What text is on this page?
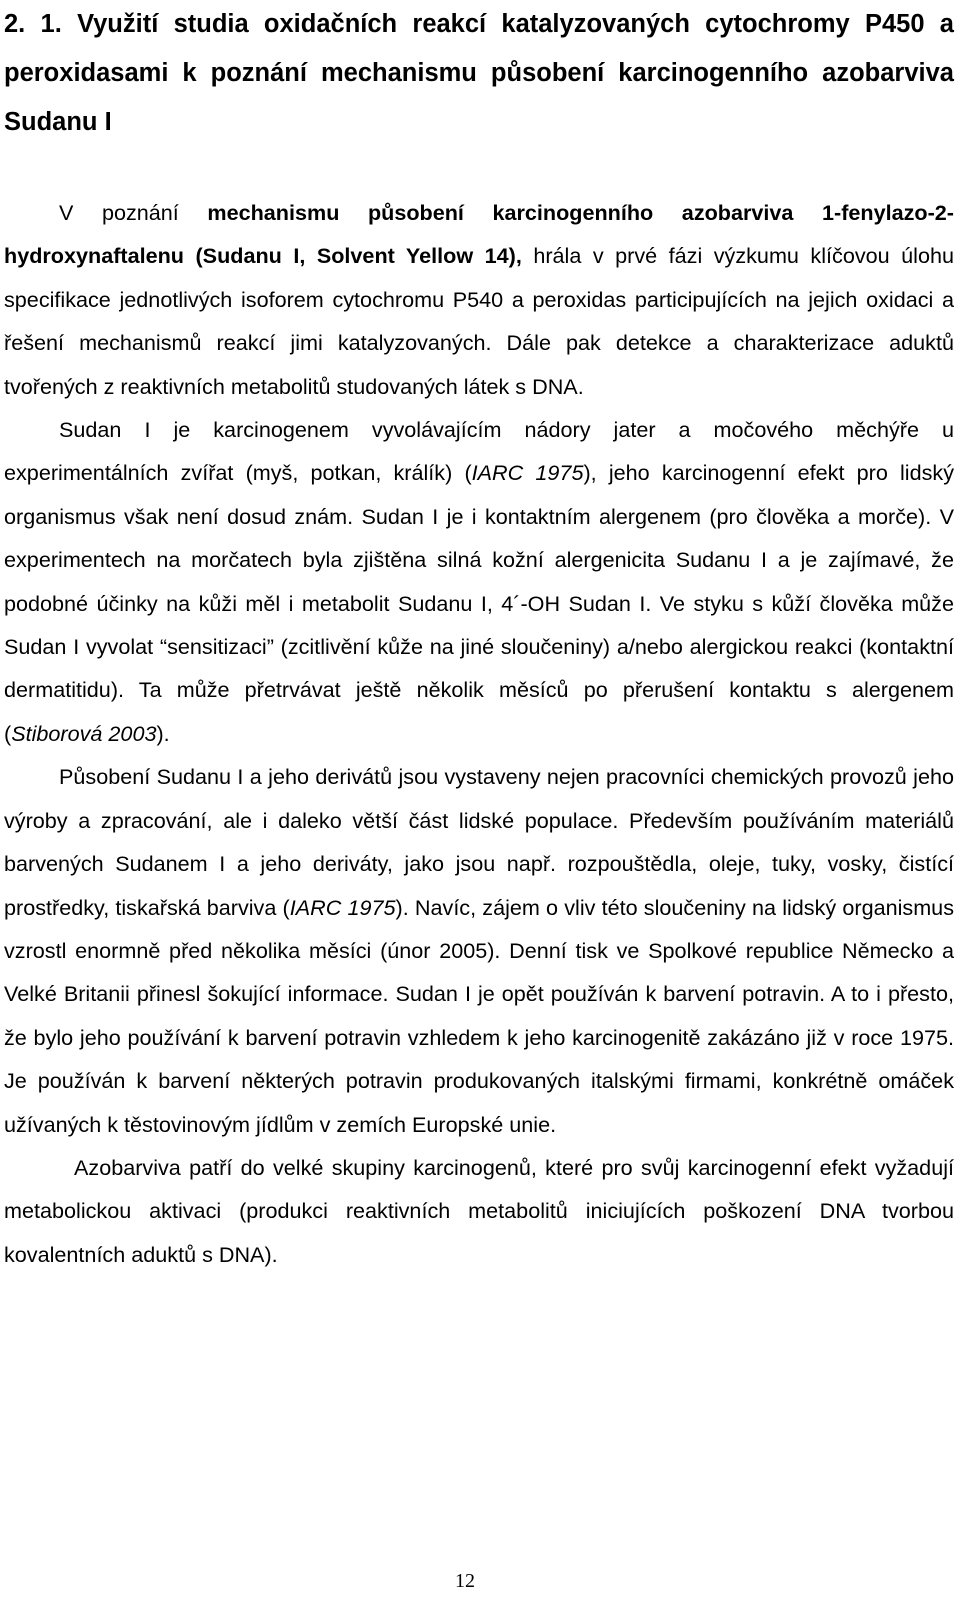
2. 1. Využití studia oxidačních reakcí katalyzovaných cytochromy P450 a peroxidasami k poznání mechanismu působení karcinogenního azobarviva Sudanu I

V poznání mechanismu působení karcinogenního azobarviva 1-fenylazo-2-hydroxynaftalenu (Sudanu I, Solvent Yellow 14), hrála v prvé fázi výzkumu klíčovou úlohu specifikace jednotlivých isoforem cytochromu P540 a peroxidas participujících na jejich oxidaci a řešení mechanismů reakcí jimi katalyzovaných. Dále pak detekce a charakterizace aduktů tvořených z reaktivních metabolitů studovaných látek s DNA.

Sudan I je karcinogenem vyvolávajícím nádory jater a močového měchýře u experimentálních zvířat (myš, potkan, králík) (IARC 1975), jeho karcinogenní efekt pro lidský organismus však není dosud znám. Sudan I je i kontaktním alergenem (pro člověka a morče). V experimentech na morčatech byla zjištěna silná kožní alergenicita Sudanu I a je zajímavé, že podobné účinky na kůži měl i metabolit Sudanu I, 4´-OH Sudan I. Ve styku s kůží člověka může Sudan I vyvolat “sensitizaci” (zcitlivění kůže na jiné sloučeniny) a/nebo alergickou reakci (kontaktní dermatitidu). Ta může přetrvávat ještě několik měsíců po přerušení kontaktu s alergenem (Stiborová 2003).

Působení Sudanu I a jeho derivátů jsou vystaveny nejen pracovníci chemických provozů jeho výroby a zpracování, ale i daleko větší část lidské populace. Především používáním materiálů barvených Sudanem I a jeho deriváty, jako jsou např. rozpouštědla, oleje, tuky, vosky, čistící prostředky, tiskařská barviva (IARC 1975). Navíc, zájem o vliv této sloučeniny na lidský organismus vzrostl enormně před několika měsíci (únor 2005). Denní tisk ve Spolkové republice Německo a Velké Britanii přinesl šokující informace. Sudan I je opět používán k barvení potravin. A to i přesto, že bylo jeho používání k barvení potravin vzhledem k jeho karcinogenitě zakázáno již v roce 1975. Je používán k barvení některých potravin produkovaných italskými firmami, konkrétně omáček užívaných k těstovinovým jídlům v zemích Europské unie.

Azobarviva patří do velké skupiny karcinogenů, které pro svůj karcinogenní efekt vyžadují metabolickou aktivaci (produkci reaktivních metabolitů iniciujících poškození DNA tvorbou kovalentních aduktů s DNA).

12
